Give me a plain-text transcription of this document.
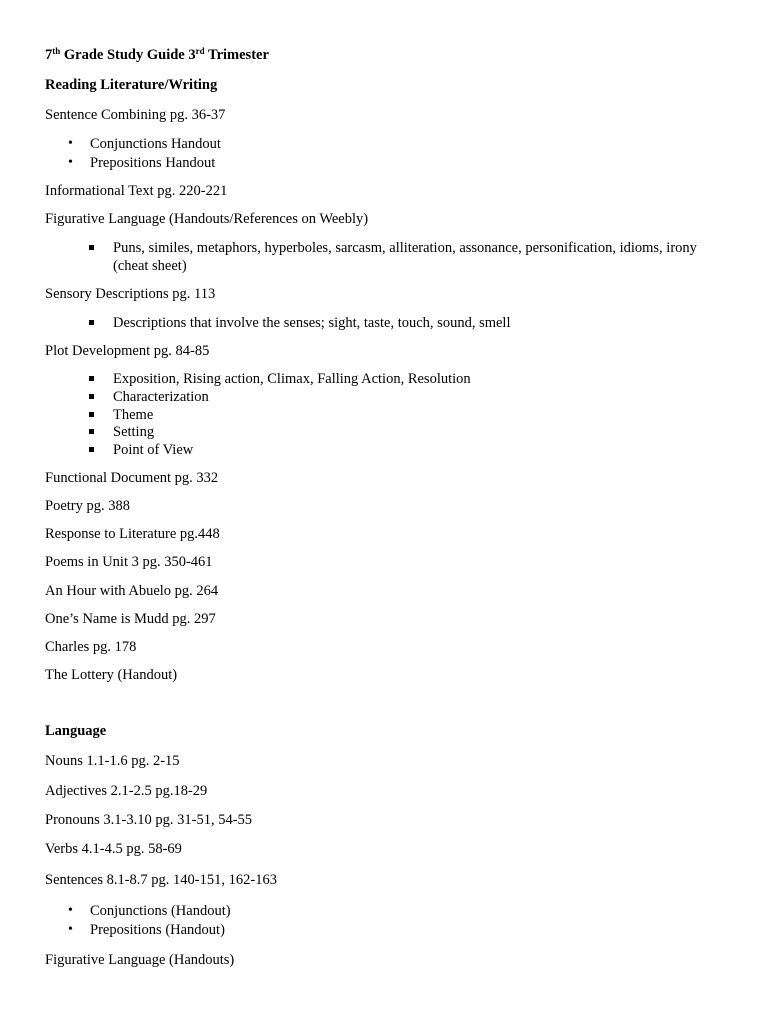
7th Grade Study Guide 3rd Trimester
Reading Literature/Writing
Sentence Combining pg. 36-37
• Conjunctions Handout
• Prepositions Handout
Informational Text pg. 220-221
Figurative Language (Handouts/References on Weebly)
Puns, similes, metaphors, hyperboles, sarcasm, alliteration, assonance, personification, idioms, irony
(cheat sheet)
Sensory Descriptions pg. 113
Descriptions that involve the senses; sight, taste, touch, sound, smell
Plot Development pg. 84-85
Exposition, Rising action, Climax, Falling Action, Resolution
Characterization
Theme
Setting
Point of View
Functional Document pg. 332
Poetry pg. 388
Response to Literature pg.448
Poems in Unit 3 pg. 350-461
An Hour with Abuelo pg. 264
One’s Name is Mudd pg. 297
Charles pg. 178
The Lottery (Handout)
Language
Nouns 1.1-1.6 pg. 2-15
Adjectives 2.1-2.5 pg.18-29
Pronouns 3.1-3.10 pg. 31-51, 54-55
Verbs 4.1-4.5 pg. 58-69
Sentences 8.1-8.7 pg. 140-151, 162-163
• Conjunctions (Handout)
• Prepositions (Handout)
Figurative Language (Handouts)
